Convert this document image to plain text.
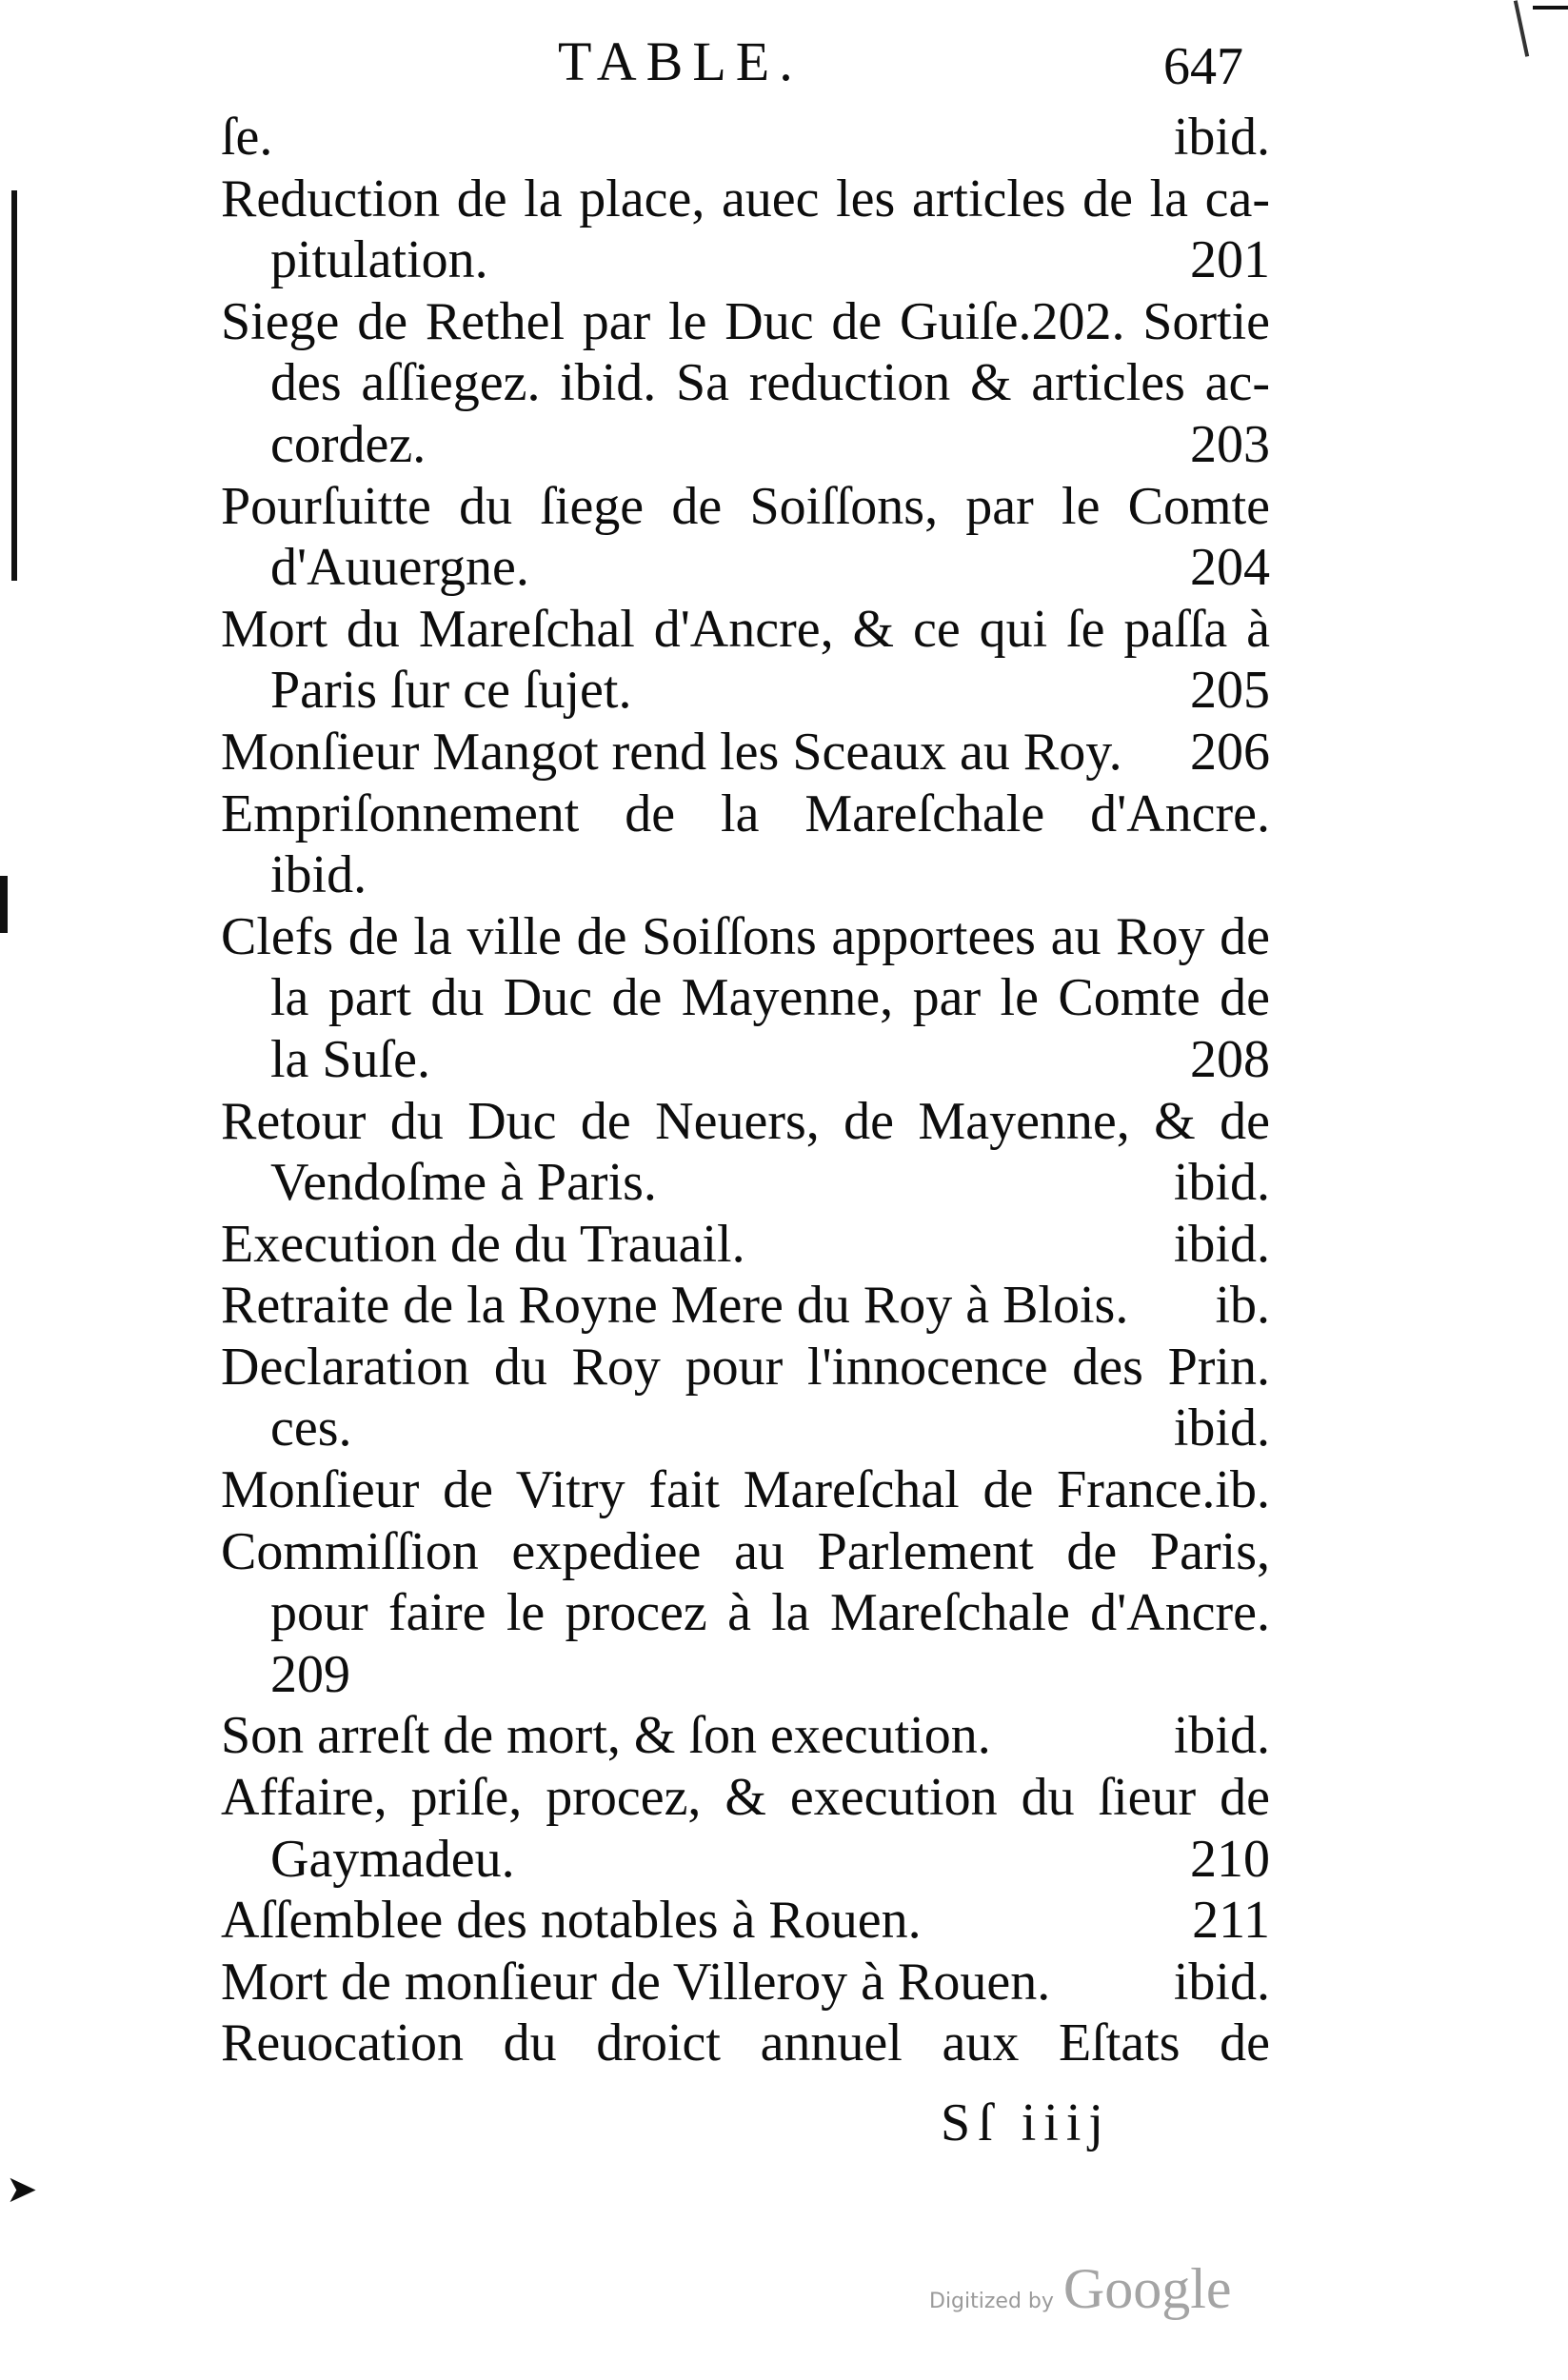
➤
TABLE.	647
ſe.	ibid.
Reduction de la place, auec les articles de la ca-
pitulation.	201
Siege de Rethel par le Duc de Guiſe.202. Sortie
des aſſiegez. ibid. Sa reduction & articles ac-
cordez.	203
Pourſuitte du ſiege de Soiſſons, par le Comte
d'Auuergne.	204
Mort du Mareſchal d'Ancre, & ce qui ſe paſſa à
Paris ſur ce ſujet.	205
Monſieur Mangot rend les Sceaux au Roy.	206
Empriſonnement de la Mareſchale d'Ancre.
ibid.
Clefs de la ville de Soiſſons apportees au Roy de
la part du Duc de Mayenne, par le Comte de
la Suſe.	208
Retour du Duc de Neuers, de Mayenne, & de
Vendoſme à Paris.	ibid.
Execution de du Trauail.	ibid.
Retraite de la Royne Mere du Roy à Blois.	ib.
Declaration du Roy pour l'innocence des Prin.
ces.	ibid.
Monſieur de Vitry fait Mareſchal de France.ib.
Commiſſion expediee au Parlement de Paris,
pour faire le procez à la Mareſchale d'Ancre.
209
Son arreſt de mort, & ſon execution.	ibid.
Affaire, priſe, procez, & execution du ſieur de
Gaymadeu.	210
Aſſemblee des notables à Rouen.	211
Mort de monſieur de Villeroy à Rouen.	ibid.
Reuocation du droict annuel aux Eſtats de
Sſ iiij
Digitized by Google
